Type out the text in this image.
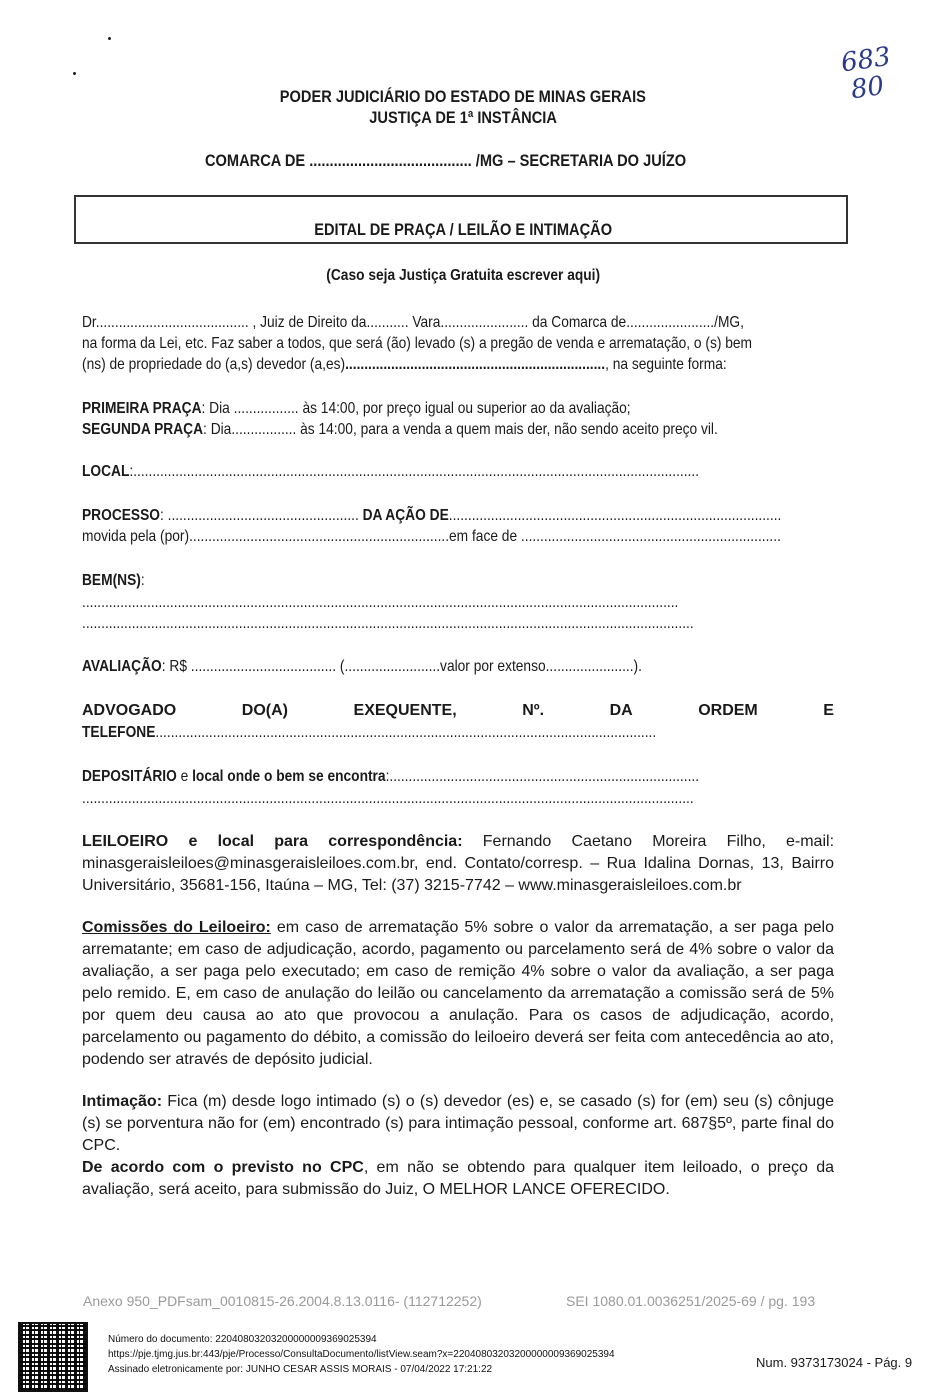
683
80
PODER JUDICIÁRIO DO ESTADO DE MINAS GERAIS
JUSTIÇA DE 1ª INSTÂNCIA
COMARCA DE ........................................ /MG – SECRETARIA DO JUÍZO
EDITAL DE PRAÇA / LEILÃO E INTIMAÇÃO
(Caso seja Justiça Gratuita escrever aqui)
Dr........................................ , Juiz de Direito da........... Vara....................... da Comarca de......................./MG,
na forma da Lei, etc. Faz saber a todos, que será (ão) levado (s) a pregão de venda e arrematação, o (s) bem
(ns) de propriedade do (a,s) devedor (a,es)...................................................................., na seguinte forma:
PRIMEIRA PRAÇA: Dia ................. às 14:00, por preço igual ou superior ao da avaliação;
SEGUNDA PRAÇA: Dia................. às 14:00, para a venda a quem mais der, não sendo aceito preço vil.
LOCAL:....................................................................................................................................................
PROCESSO: .................................................. DA AÇÃO DE.......................................................................................
movida pela (por)....................................................................em face de ....................................................................
BEM(NS):
............................................................................................................................................................
................................................................................................................................................................
AVALIAÇÃO: R$ ...................................... (.........................valor por extenso.......................).
ADVOGADO	DO(A)	EXEQUENTE,	Nº.	DA	ORDEM	E
TELEFONE...................................................................................................................................
DEPOSITÁRIO e local onde o bem se encontra:.................................................................................
................................................................................................................................................................
LEILOEIRO e local para correspondência: Fernando Caetano Moreira Filho, e-mail: minasgeraisleiloes@minasgeraisleiloes.com.br, end. Contato/corresp. – Rua Idalina Dornas, 13, Bairro Universitário, 35681-156, Itaúna – MG, Tel: (37) 3215-7742 – www.minasgeraisleiloes.com.br
Comissões do Leiloeiro: em caso de arrematação 5% sobre o valor da arrematação, a ser paga pelo arrematante; em caso de adjudicação, acordo, pagamento ou parcelamento será de 4% sobre o valor da avaliação, a ser paga pelo executado; em caso de remição 4% sobre o valor da avaliação, a ser paga pelo remido. E, em caso de anulação do leilão ou cancelamento da arrematação a comissão será de 5% por quem deu causa ao ato que provocou a anulação. Para os casos de adjudicação, acordo, parcelamento ou pagamento do débito, a comissão do leiloeiro deverá ser feita com antecedência ao ato, podendo ser através de depósito judicial.
Intimação: Fica (m) desde logo intimado (s) o (s) devedor (es) e, se casado (s) for (em) seu (s) cônjuge (s) se porventura não for (em) encontrado (s) para intimação pessoal, conforme art. 687§5º, parte final do CPC.
De acordo com o previsto no CPC, em não se obtendo para qualquer item leiloado, o preço da avaliação, será aceito, para submissão do Juiz, O MELHOR LANCE OFERECIDO.
Anexo 950_PDFsam_0010815-26.2004.8.13.0116- (112712252)	SEI 1080.01.0036251/2025-69 / pg. 193
Número do documento: 22040803203200000009369025394
https://pje.tjmg.jus.br:443/pje/Processo/ConsultaDocumento/listView.seam?x=22040803203200000009369025394
Assinado eletronicamente por: JUNHO CESAR ASSIS MORAIS - 07/04/2022 17:21:22	Num. 9373173024 - Pág. 9
